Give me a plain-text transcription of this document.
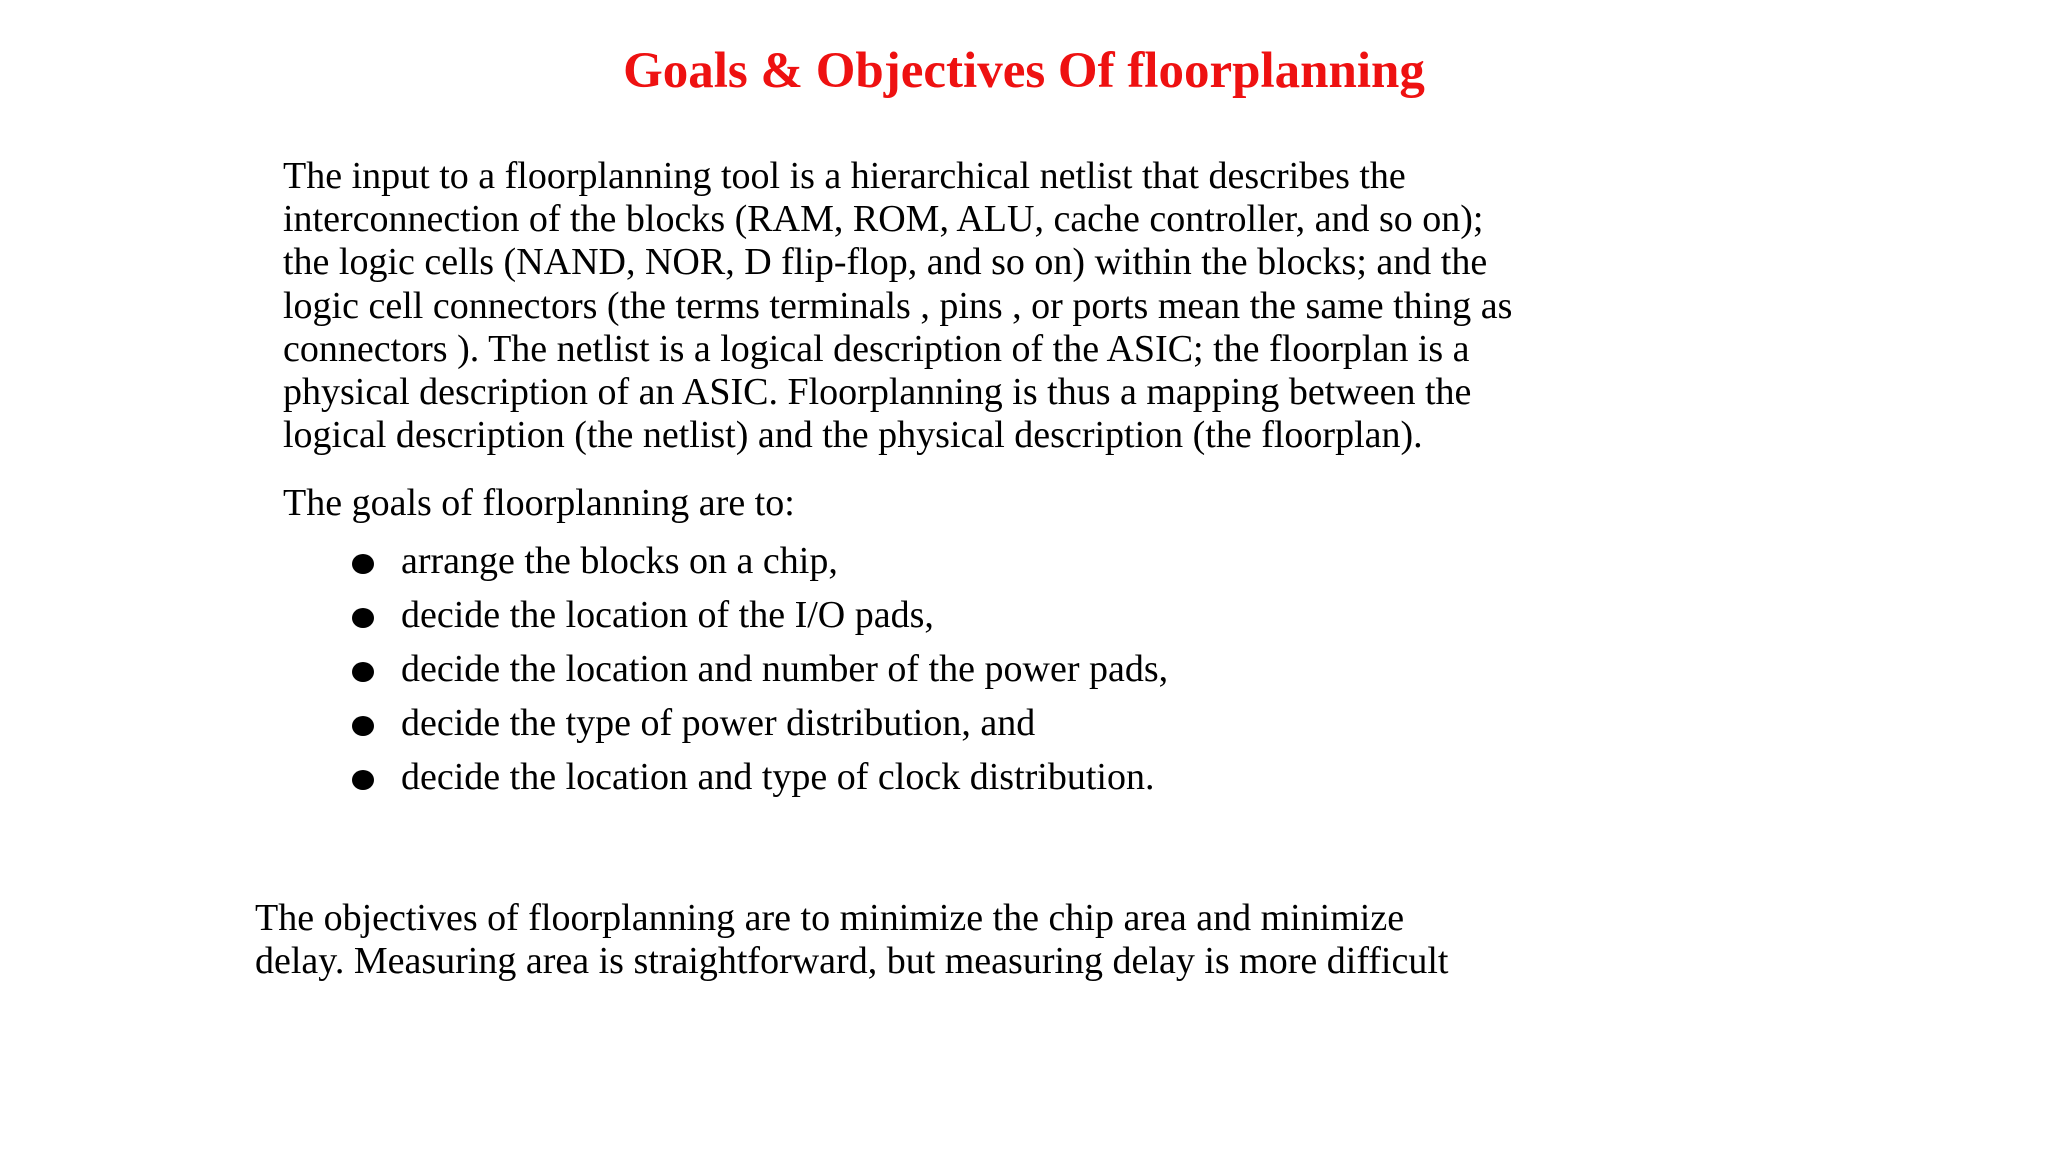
Goals & Objectives Of floorplanning
The input to a floorplanning tool is a hierarchical netlist that describes the
interconnection of the blocks (RAM, ROM, ALU, cache controller, and so on);
the logic cells (NAND, NOR, D flip-flop, and so on) within the blocks; and the
logic cell connectors (the terms terminals , pins , or ports mean the same thing as
connectors ). The netlist is a logical description of the ASIC; the floorplan is a
physical description of an ASIC. Floorplanning is thus a mapping between the
logical description (the netlist) and the physical description (the floorplan).
The goals of floorplanning are to:
arrange the blocks on a chip,
decide the location of the I/O pads,
decide the location and number of the power pads,
decide the type of power distribution, and
decide the location and type of clock distribution.
The objectives of floorplanning are to minimize the chip area and minimize
delay. Measuring area is straightforward, but measuring delay is more difficult
